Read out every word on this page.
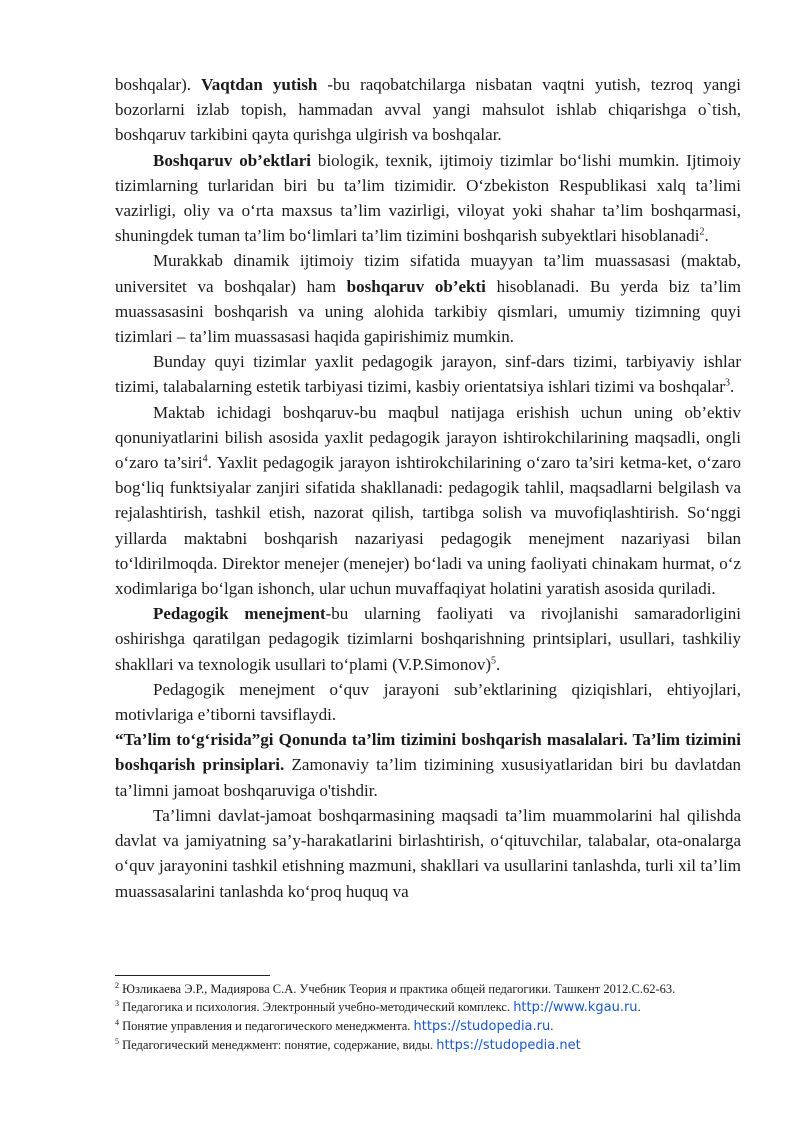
boshqalar). Vaqtdan yutish -bu raqobatchilarga nisbatan vaqtni yutish, tezroq yangi bozorlarni izlab topish, hammadan avval yangi mahsulot ishlab chiqarishga o`tish, boshqaruv tarkibini qayta qurishga ulgirish va boshqalar.

Boshqaruv ob’ektlari biologik, texnik, ijtimoiy tizimlar bo‘lishi mumkin. Ijtimoiy tizimlarning turlaridan biri bu ta’lim tizimidir. O‘zbekiston Respublikasi xalq ta’limi vazirligi, oliy va o‘rta maxsus ta’lim vazirligi, viloyat yoki shahar ta’lim boshqarmasi, shuningdek tuman ta’lim bo‘limlari ta’lim tizimini boshqarish subyektlari hisoblanadi$^2$.

Murakkab dinamik ijtimoiy tizim sifatida muayyan ta’lim muassasasi (maktab, universitet va boshqalar) ham boshqaruv ob’ekti hisoblanadi. Bu yerda biz ta’lim muassasasini boshqarish va uning alohida tarkibiy qismlari, umumiy tizimning quyi tizimlari – ta’lim muassasasi haqida gapirishimiz mumkin.

Bunday quyi tizimlar yaxlit pedagogik jarayon, sinf-dars tizimi, tarbiyaviy ishlar tizimi, talabalarning estetik tarbiyasi tizimi, kasbiy orientatsiya ishlari tizimi va boshqalar$^3$.

Maktab ichidagi boshqaruv-bu maqbul natijaga erishish uchun uning ob’ektiv qonuniyatlarini bilish asosida yaxlit pedagogik jarayon ishtirokchilarining maqsadli, ongli o‘zaro ta’siri$^4$. Yaxlit pedagogik jarayon ishtirokchilarining o‘zaro ta’siri ketma-ket, o‘zaro bog‘liq funktsiyalar zanjiri sifatida shakllanadi: pedagogik tahlil, maqsadlarni belgilash va rejalashtirish, tashkil etish, nazorat qilish, tartibga solish va muvofiqlashtirish. So‘nggi yillarda maktabni boshqarish nazariyasi pedagogik menejment nazariyasi bilan to‘ldirilmoqda. Direktor menejer (menejer) bo‘ladi va uning faoliyati chinakam hurmat, o‘z xodimlariga bo‘lgan ishonch, ular uchun muvaffaqiyat holatini yaratish asosida quriladi.

Pedagogik menejment-bu ularning faoliyati va rivojlanishi samaradorligini oshirishga qaratilgan pedagogik tizimlarni boshqarishning printsiplari, usullari, tashkiliy shakllari va texnologik usullari to‘plami (V.P.Simonov)$^5$.

Pedagogik menejment o‘quv jarayoni sub’ektlarining qiziqishlari, ehtiyojlari, motivlariga e’tiborni tavsiflaydi.

“Ta’lim to‘g‘risida”gi Qonunda ta’lim tizimini boshqarish masalalari. Ta’lim tizimini boshqarish prinsiplari. Zamonaviy ta’lim tizimining xususiyatlaridan biri bu davlatdan ta’limni jamoat boshqaruviga o'tishdir.

Ta’limni davlat-jamoat boshqarmasining maqsadi ta’lim muammolarini hal qilishda davlat va jamiyatning sa’y-harakatlarini birlashtirish, o‘qituvchilar, talabalar, ota-onalarga o‘quv jarayonini tashkil etishning mazmuni, shakllari va usullarini tanlashda, turli xil ta’lim muassasalarini tanlashda ko‘proq huquq va

$^2$ Юзликаева Э.Р., Мадиярова С.А. Учебник Теория и практика общей педагогики. Ташкент 2012.С.62-63.

$^3$ Педагогика и психология. Электронный учебно-методический комплекс. http://www.kgau.ru.

$^4$ Понятие управления и педагогического менеджмента. https://studopedia.ru.

$^5$ Педагогический менеджмент: понятие, содержание, виды. https://studopedia.net
